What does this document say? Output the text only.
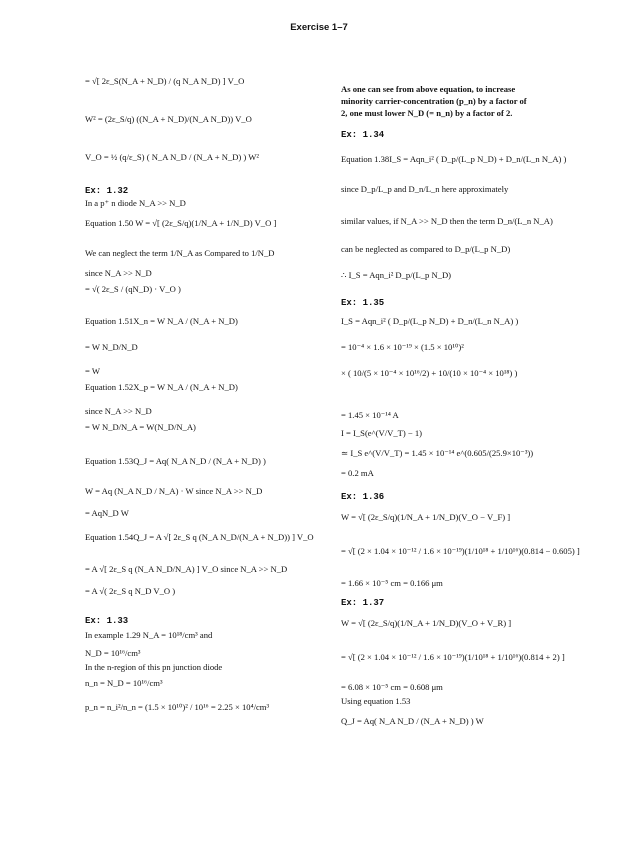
Exercise 1–7
= √[ 2ε_S(N_A + N_D) / (q N_A N_D) ] V_O
W² = (2ε_S/q) ((N_A + N_D)/(N_A N_D)) V_O
V_O = ½ (q/ε_S) ( N_A N_D / (N_A + N_D) ) W²
Ex: 1.32
In a p⁺ n diode N_A >> N_D
Equation 1.50 W = √[ (2ε_S/q)(1/N_A + 1/N_D) V_O ]
We can neglect the term 1/N_A as Compared to 1/N_D
since N_A >> N_D
= √( 2ε_S / (qN_D) · V_O )
Equation 1.51X_n = W N_A / (N_A + N_D)
= W N_D/N_D
= W
Equation 1.52X_p = W N_A / (N_A + N_D)
since N_A >> N_D
= W N_D/N_A = W(N_D/N_A)
Equation 1.53Q_J = Aq( N_A N_D / (N_A + N_D) )
W = Aq (N_A N_D / N_A) · W since N_A >> N_D
= AqN_D W
Equation 1.54Q_J = A √[ 2ε_S q (N_A N_D/(N_A + N_D)) ] V_O
= A √[ 2ε_S q (N_A N_D/N_A) ] V_O since N_A >> N_D
= A √( 2ε_S q N_D V_O )
Ex: 1.33
In example 1.29 N_A = 10¹⁸/cm³ and
N_D = 10¹⁶/cm³
In the n-region of this pn junction diode
n_n = N_D = 10¹⁶/cm³
p_n = n_i²/n_n = (1.5 × 10¹⁰)² / 10¹⁶ = 2.25 × 10⁴/cm³
As one can see from above equation, to increase
minority carrier-concentration (p_n) by a factor of
2, one must lower N_D (= n_n) by a factor of 2.
Ex: 1.34
Equation 1.38I_S = Aqn_i² ( D_p/(L_p N_D) + D_n/(L_n N_A) )
since D_p/L_p and D_n/L_n here approximately
similar values, if N_A >> N_D then the term D_n/(L_n N_A)
can be neglected as compared to D_p/(L_p N_D)
∴ I_S = Aqn_i² D_p/(L_p N_D)
Ex: 1.35
I_S = Aqn_i² ( D_p/(L_p N_D) + D_n/(L_n N_A) )
= 10⁻⁴ × 1.6 × 10⁻¹⁹ × (1.5 × 10¹⁰)²
× ( 10/(5 × 10⁻⁴ × 10¹⁶/2) + 10/(10 × 10⁻⁴ × 10¹⁸) )
= 1.45 × 10⁻¹⁴ A
I = I_S(e^(V/V_T) − 1)
≃ I_S e^(V/V_T) = 1.45 × 10⁻¹⁴ e^(0.605/(25.9×10⁻³))
= 0.2 mA
Ex: 1.36
W = √[ (2ε_S/q)(1/N_A + 1/N_D)(V_O − V_F) ]
= √[ (2 × 1.04 × 10⁻¹² / 1.6 × 10⁻¹⁹)(1/10¹⁸ + 1/10¹⁶)(0.814 − 0.605) ]
= 1.66 × 10⁻⁵ cm = 0.166 μm
Ex: 1.37
W = √[ (2ε_S/q)(1/N_A + 1/N_D)(V_O + V_R) ]
= √[ (2 × 1.04 × 10⁻¹² / 1.6 × 10⁻¹⁹)(1/10¹⁸ + 1/10¹⁶)(0.814 + 2) ]
= 6.08 × 10⁻⁵ cm = 0.608 μm
Using equation 1.53
Q_J = Aq( N_A N_D / (N_A + N_D) ) W
